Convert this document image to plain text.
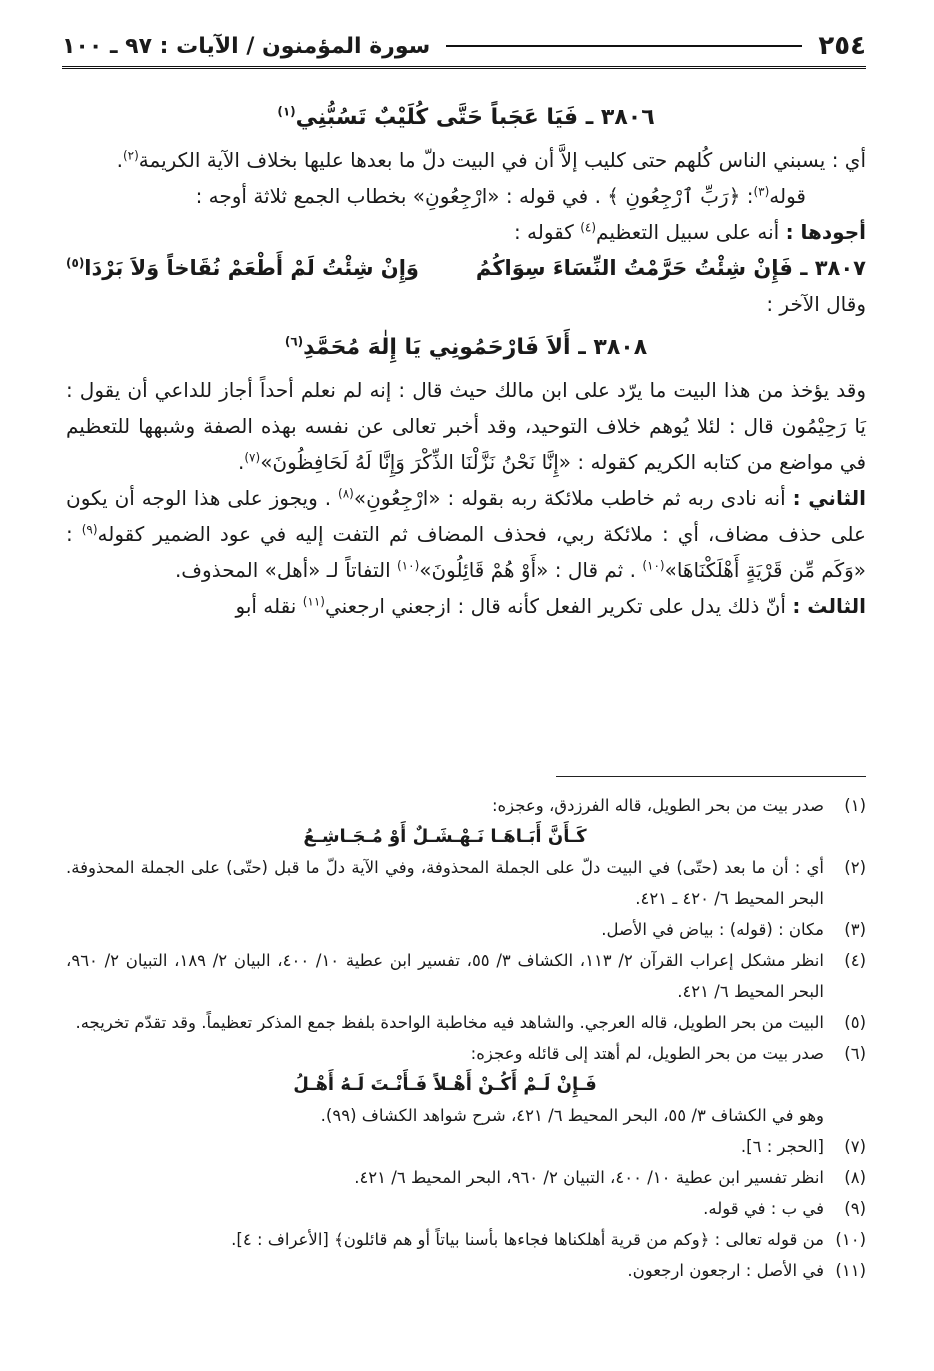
٢٥٤
سورة المؤمنون / الآيات : ٩٧ ـ ١٠٠
٣٨٠٦ ـ فَيَا عَجَباً حَتَّى كُلَيْبٌ تَسُبُّنِي$^{(١)}$
أي : يسبني الناس كُلهم حتى كليب إلاَّ أن في البيت دلّ ما بعدها عليها بخلاف الآية الكريمة$^{(٢)}$.
قوله$^{(٣)}$: ﴿رَبِّ ٱرْجِعُونِ ﴾ . في قوله : «ارْجِعُونِ» بخطاب الجمع ثلاثة أوجه :
أجودها : أنه على سبيل التعظيم$^{(٤)}$ كقوله :
٣٨٠٧ ـ فَإِنْ شِئْتُ حَرَّمْتُ النِّسَاءَ سِوَاكُمُ
وَإِنْ شِئْتُ لَمْ أَطْعَمْ نُقَاخاً وَلاَ بَرْدَا$^{(٥)}$
وقال الآخر :
٣٨٠٨ ـ أَلاَ فَارْحَمُونِي يَا إِلٰهَ مُحَمَّدِ$^{(٦)}$
وقد يؤخذ من هذا البيت ما يرّد على ابن مالك حيث قال : إنه لم نعلم أحداً أجاز للداعي أن يقول : يَا رَحِيْمُون قال : لئلا يُوهم خلاف التوحيد، وقد أخبر تعالى عن نفسه بهذه الصفة وشبهها للتعظيم في مواضع من كتابه الكريم كقوله : «إِنَّا نَحْنُ نَزَّلْنَا الذِّكْرَ وَإِنَّا لَهُ لَحَافِظُونَ»$^{(٧)}$.
الثاني : أنه نادى ربه ثم خاطب ملائكة ربه بقوله : «ارْجِعُونِ»$^{(٨)}$ . ويجوز على هذا الوجه أن يكون على حذف مضاف، أي : ملائكة ربي، فحذف المضاف ثم التفت إليه في عود الضمير كقوله$^{(٩)}$ : «وَكَم مِّن قَرْيَةٍ أَهْلَكْنَاهَا»$^{(١٠)}$ . ثم قال : «أَوْ هُمْ قَائِلُونَ»$^{(١٠)}$ التفاتاً لـ «أهل» المحذوف.
الثالث : أنّ ذلك يدل على تكرير الفعل كأنه قال : ازجعني ارجعني$^{(١١)}$ نقله أبو
(١)
صدر بيت من بحر الطويل، قاله الفرزدق، وعجزه:
كَـأَنَّ أَبَـاهَـا نَـهْـشَـلٌ أَوْ مُـجَـاشِـعُ
(٢)
أي : أن ما بعد (حتّى) في البيت دلّ على الجملة المحذوفة، وفي الآية دلّ ما قبل (حتّى) على الجملة المحذوفة. البحر المحيط ٦/ ٤٢٠ ـ ٤٢١.
(٣)
مكان : (قوله) : بياض في الأصل.
(٤)
انظر مشكل إعراب القرآن ٢/ ١١٣، الكشاف ٣/ ٥٥، تفسير ابن عطية ١٠/ ٤٠٠، البيان ٢/ ١٨٩، التبيان ٢/ ٩٦٠، البحر المحيط ٦/ ٤٢١.
(٥)
البيت من بحر الطويل، قاله العرجي. والشاهد فيه مخاطبة الواحدة بلفظ جمع المذكر تعظيماً. وقد تقدّم تخريجه.
(٦)
صدر بيت من بحر الطويل، لم أهتد إلى قائله وعجزه:
فَـإِنْ لَـمْ أَكُـنْ أَهْـلاً فَـأَنْـتَ لَـهُ أَهْـلُ
وهو في الكشاف ٣/ ٥٥، البحر المحيط ٦/ ٤٢١، شرح شواهد الكشاف (٩٩).
(٧)
[الحجر : ٦].
(٨)
انظر تفسير ابن عطية ١٠/ ٤٠٠، التبيان ٢/ ٩٦٠، البحر المحيط ٦/ ٤٢١.
(٩)
في ب : في قوله.
(١٠)
من قوله تعالى : ﴿وكم من قرية أهلكناها فجاءها بأسنا بياتاً أو هم قائلون﴾ [الأعراف : ٤].
(١١)
في الأصل : ارجعون ارجعون.
